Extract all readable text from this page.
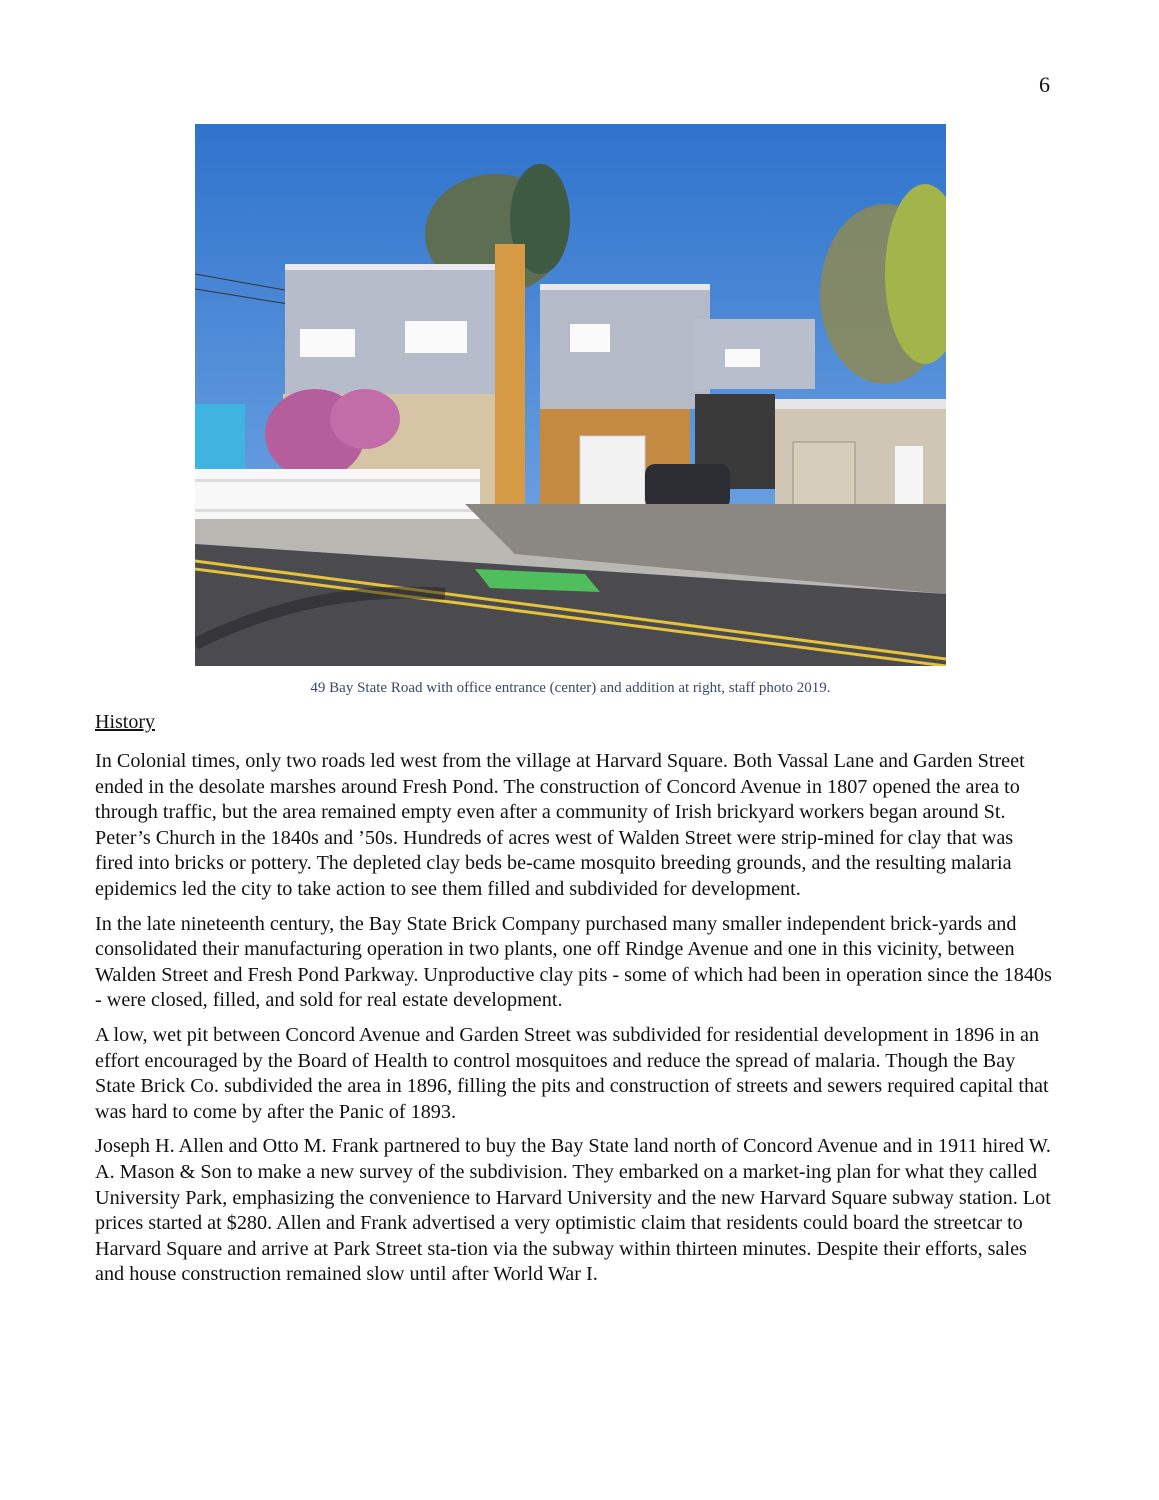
6
49 Bay State Road with office entrance (center) and addition at right, staff photo 2019.
History

In Colonial times, only two roads led west from the village at Harvard Square. Both Vassal Lane and Garden Street ended in the desolate marshes around Fresh Pond. The construction of Concord Avenue in 1807 opened the area to through traffic, but the area remained empty even after a community of Irish brickyard workers began around St. Peter’s Church in the 1840s and ’50s. Hundreds of acres west of Walden Street were strip-mined for clay that was fired into bricks or pottery. The depleted clay beds be-came mosquito breeding grounds, and the resulting malaria epidemics led the city to take action to see them filled and subdivided for development.

In the late nineteenth century, the Bay State Brick Company purchased many smaller independent brick-yards and consolidated their manufacturing operation in two plants, one off Rindge Avenue and one in this vicinity, between Walden Street and Fresh Pond Parkway. Unproductive clay pits - some of which had been in operation since the 1840s - were closed, filled, and sold for real estate development.

A low, wet pit between Concord Avenue and Garden Street was subdivided for residential development in 1896 in an effort encouraged by the Board of Health to control mosquitoes and reduce the spread of malaria. Though the Bay State Brick Co. subdivided the area in 1896, filling the pits and construction of streets and sewers required capital that was hard to come by after the Panic of 1893.

Joseph H. Allen and Otto M. Frank partnered to buy the Bay State land north of Concord Avenue and in 1911 hired W. A. Mason & Son to make a new survey of the subdivision. They embarked on a market-ing plan for what they called University Park, emphasizing the convenience to Harvard University and the new Harvard Square subway station. Lot prices started at $280. Allen and Frank advertised a very optimistic claim that residents could board the streetcar to Harvard Square and arrive at Park Street sta-tion via the subway within thirteen minutes. Despite their efforts, sales and house construction remained slow until after World War I.
